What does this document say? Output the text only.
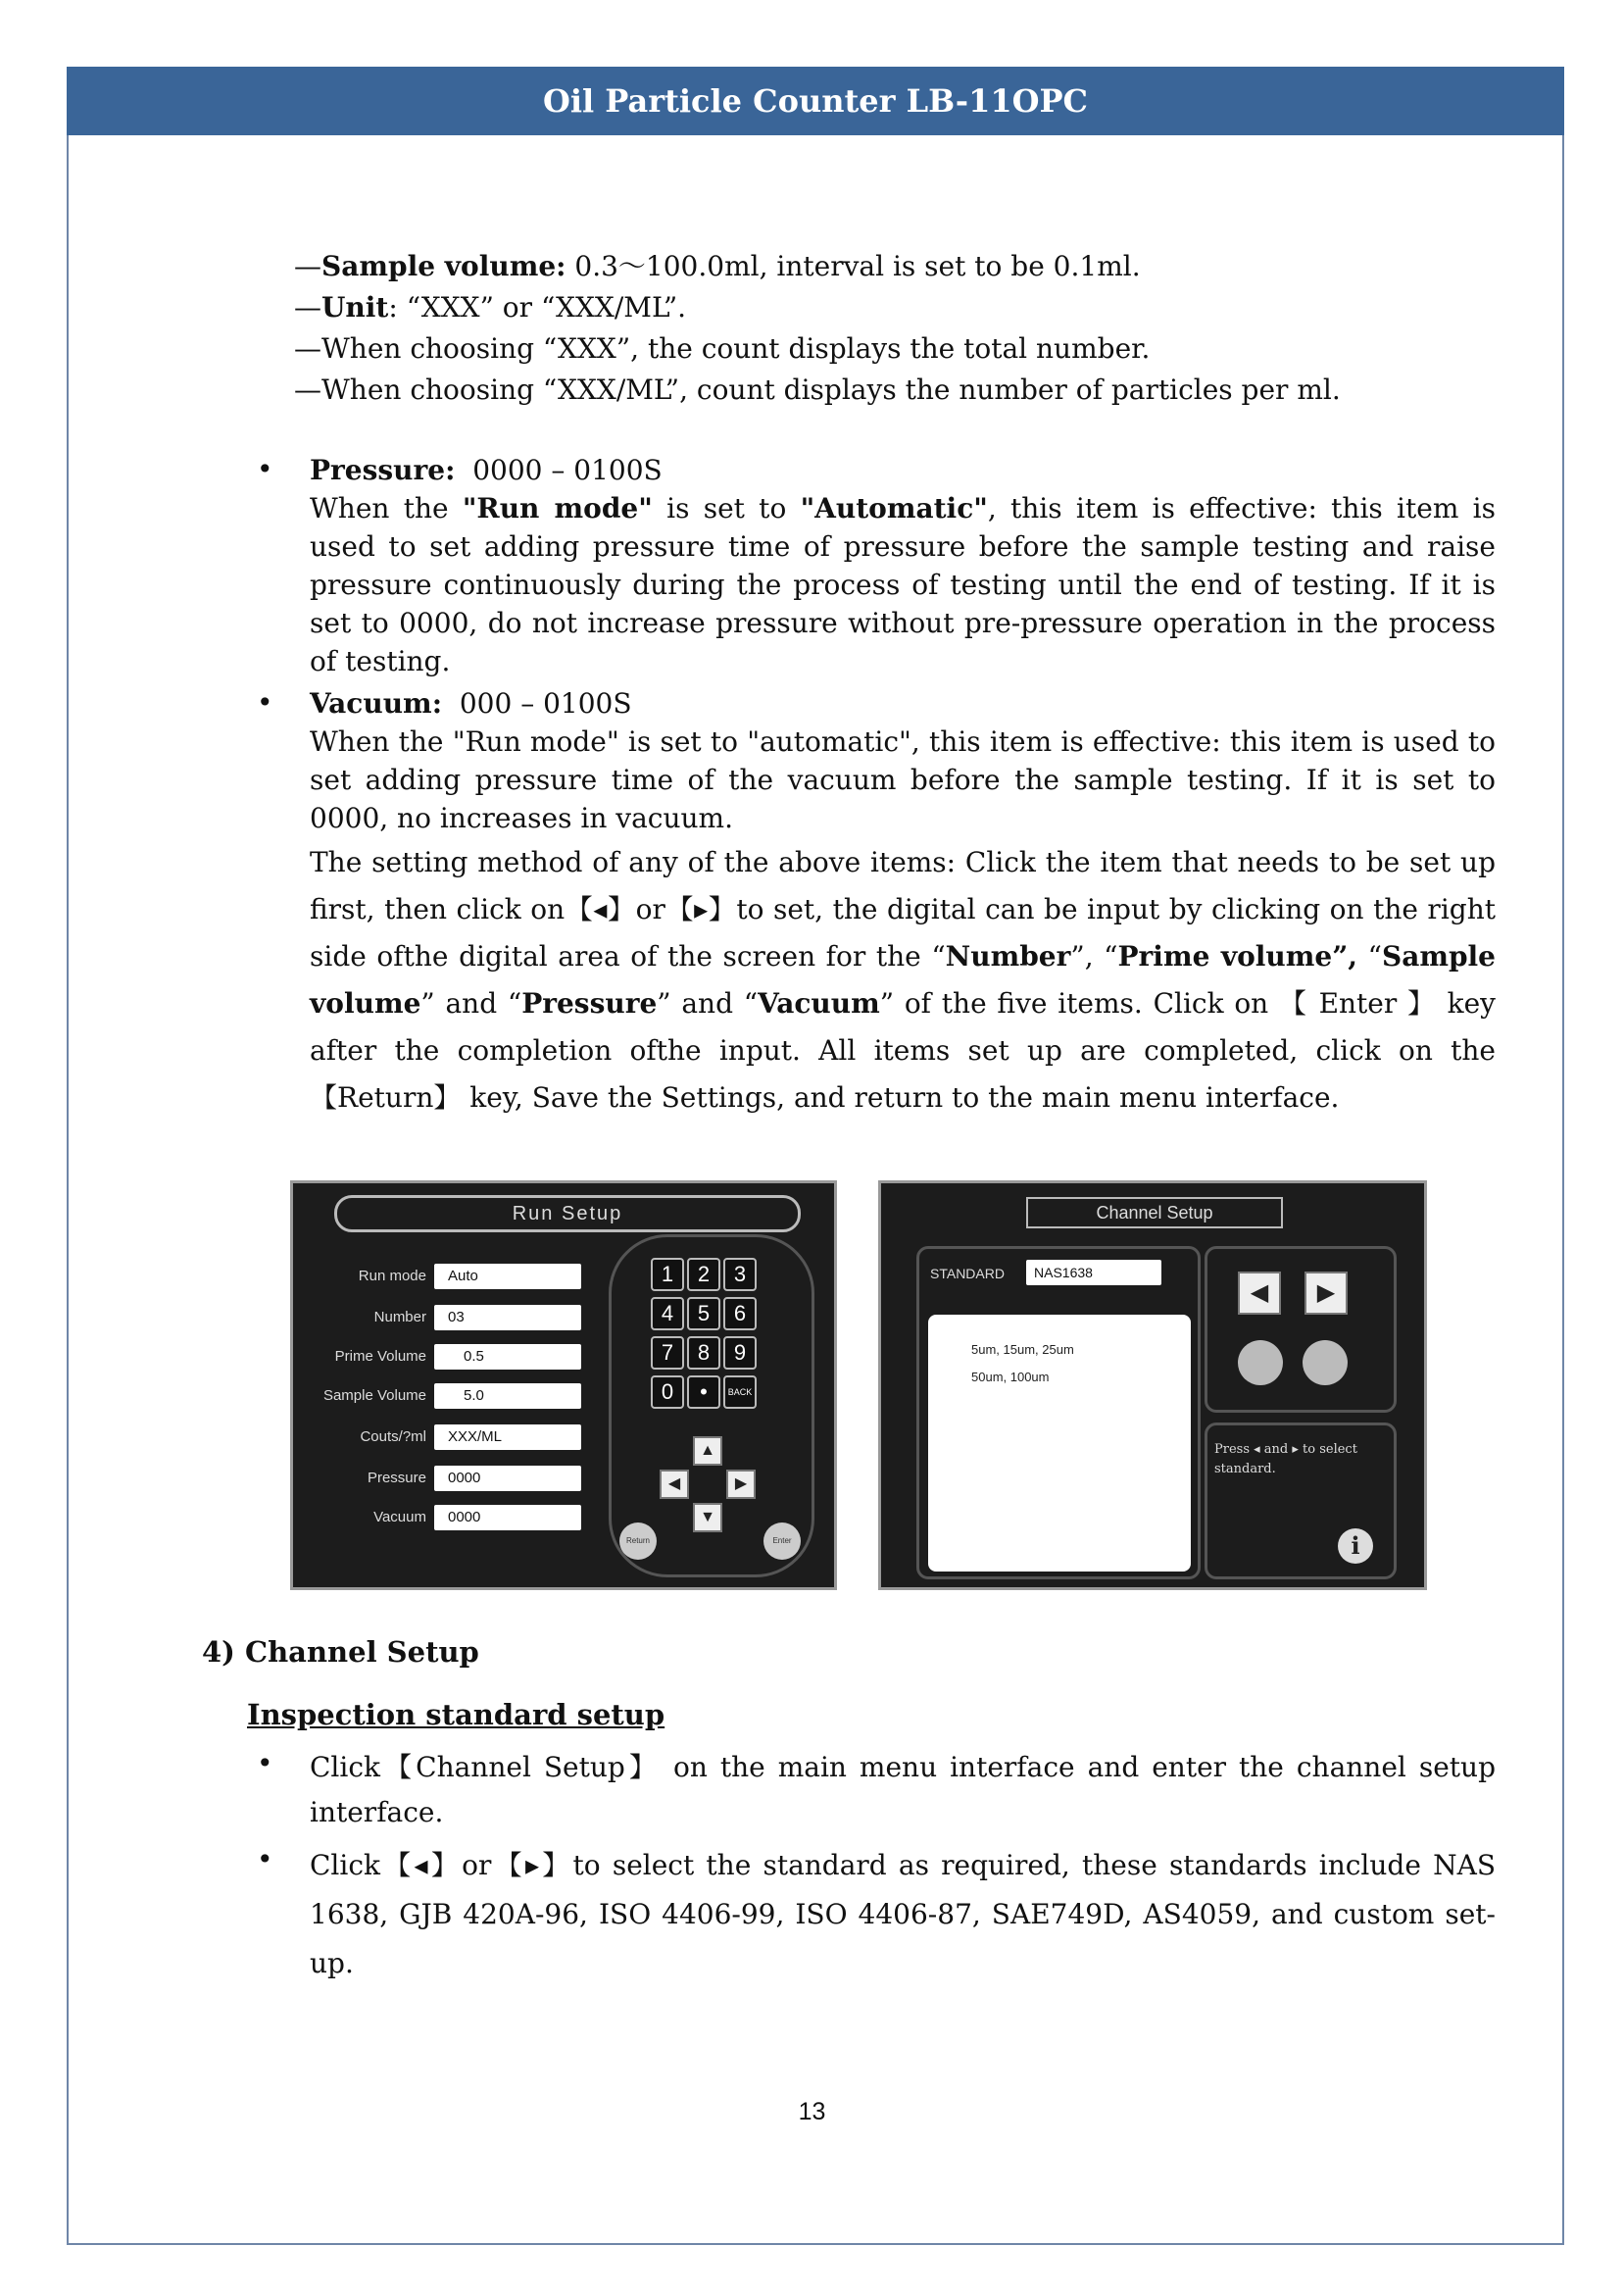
Oil Particle Counter LB-11OPC
—Sample volume: 0.3～100.0ml, interval is set to be 0.1ml.
—Unit: “XXX” or “XXX/ML”.
—When choosing “XXX”, the count displays the total number.
—When choosing “XXX/ML”, count displays the number of particles per ml.
• Pressure: 0000 – 0100S
When the "Run mode" is set to "Automatic", this item is effective: this item is used to set adding pressure time of pressure before the sample testing and raise pressure continuously during the process of testing until the end of testing. If it is set to 0000, do not increase pressure without pre-pressure operation in the process of testing.
• Vacuum: 000 – 0100S
When the "Run mode" is set to "automatic", this item is effective: this item is used to set adding pressure time of the vacuum before the sample testing. If it is set to 0000, no increases in vacuum.
The setting method of any of the above items: Click the item that needs to be set up first, then click on【◂】or【▸】to set, the digital can be input by clicking on the right side ofthe digital area of the screen for the “Number”, “Prime volume”, “Sample volume” and “Pressure” and “Vacuum” of the five items. Click on 【 Enter 】 key after the completion ofthe input. All items set up are completed, click on the 【Return】 key, Save the Settings, and return to the main menu interface.
Run Setup
Run mode	Auto
Number	03
Prime Volume	0.5
Sample Volume	5.0
Couts/?ml	XXX/ML
Pressure	0000
Vacuum	0000
1	2	3
4	5	6
7	8	9
0	•	BACK
▲
◀	▶
▼
Return	Enter
Channel Setup
STANDARD	NAS1638
5um, 15um, 25um
50um, 100um
◀	▶
Press ◂ and ▸ to select standard.
i
4) Channel Setup
Inspection standard setup
• Click【Channel Setup】 on the main menu interface and enter the channel setup interface.
• Click【◂】or【▸】to select the standard as required, these standards include NAS 1638, GJB 420A-96, ISO 4406-99, ISO 4406-87, SAE749D, AS4059, and custom set-up.
13
